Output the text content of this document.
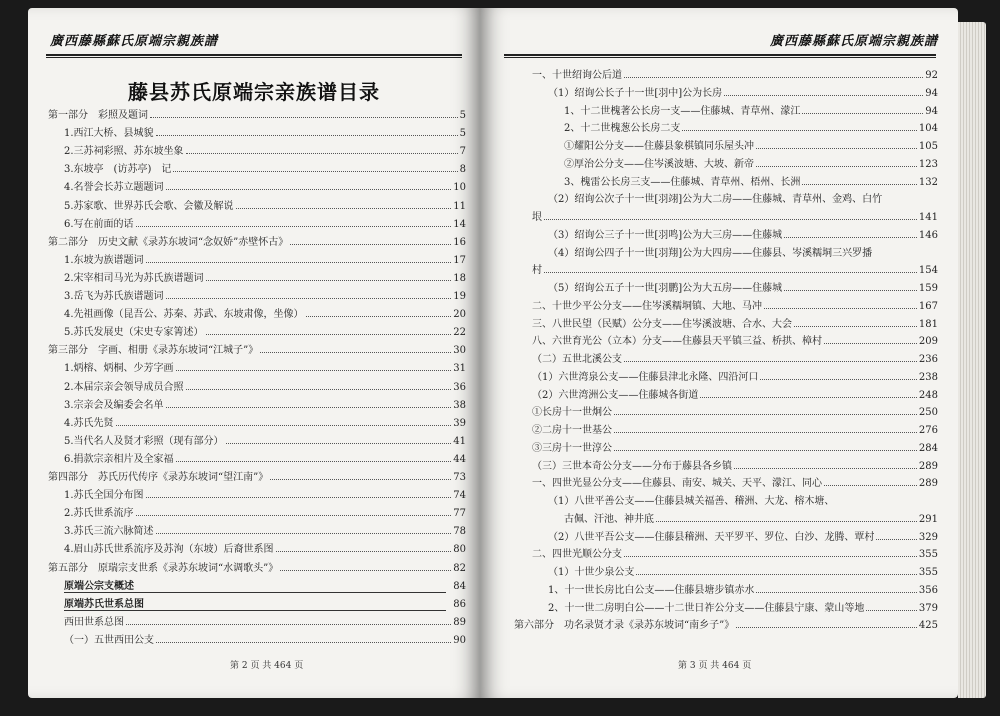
廣西藤縣蘇氏原端宗親族譜
藤县苏氏原端宗亲族谱目录
第一部分　彩照及题词	5
1.西江大桥、县城貌	5
2.三苏祠彩照、苏东坡坐象	7
3.东坡亭　(访苏亭)　记	8
4.名誉会长苏立题题词	10
5.苏家歌、世界苏氏会歌、会徽及解说	11
6.写在前面的话	14
第二部分　历史文献《录苏东坡词“念奴娇”赤壁怀古》	16
1.东坡为族谱题词	17
2.宋宰相司马光为苏氏族谱题词	18
3.岳飞为苏氏族谱题词	19
4.先祖画像（昆吾公、苏秦、苏武、东坡肃像，坐像）	20
5.苏氏发展史（宋史专家箐述）	22
第三部分　字画、相册《录苏东坡词“江城子”》	30
1.炳榕、炳桐、少芳字画	31
2.本届宗亲会领导成员合照	36
3.宗亲会及编委会名单	38
4.苏氏先贤	39
5.当代名人及贤才彩照（现有部分）	41
6.捐款宗亲相片及全家福	44
第四部分　苏氏历代传序《录苏东坡词“望江南”》	73
1.苏氏全国分布图	74
2.苏氏世系流序	77
3.苏氏三流六脉简述	78
4.眉山苏氏世系流序及苏洵（东坡）后裔世系图	80
第五部分　原瑞宗支世系《录苏东坡词“水调歌头”》	82
原端公宗支概述	84
原端苏氏世系总图	86
西田世系总图	89
（一）五世西田公支	90
第 2 页 共 464 页
廣西藤縣蘇氏原端宗親族譜
一、十世绍询公后道	92
（1）绍询公长子十一世[羽中]公为长房	94
1、十二世槐著公长房一支——住藤城、青草州、濛江	94
2、十二世槐葱公长房二支	104
①耀阳公分支——住藤县象棋镇同乐屋头冲	105
②厚治公分支——住岑溪波塘、大坡、新帝	123
3、槐雷公长房三支——住藤城、青草州、梧州、长洲	132
（2）绍询公次子十一世[羽翊]公为大二房——住藤城、青草州、金鸡、白竹
垠	141
（3）绍询公三子十一世[羽鸣]公为大三房——住藤城	146
（4）绍询公四子十一世[羽翔]公为大四房——住藤县、岑溪糯垌三兴罗播
村	154
（5）绍询公五子十一世[羽鹏]公为大五房——住藤城	159
二、十世少平公分支——住岑溪糯垌镇、大地、马冲	167
三、八世民望（民赋）公分支——住岑溪波塘、合水、大会	181
八、六世育光公（立本）分支——住藤县天平镇三益、桥拱、樟村	209
（二）五世北溪公支	236
（1）六世湾泉公支——住藤县津北永隆、四沿河口	238
（2）六世湾洲公支——住藤城各街道	248
①长房十一世炯公	250
②二房十一世基公	276
③三房十一世淳公	284
（三）三世本奇公分支——分布于藤县各乡镇	289
一、四世光显公分支——住藤县、南安、城关、天平、濛江、同心	289
（1）八世平善公支——住藤县城关福善、稽洲、大龙、榕木塘、
古佩、汗池、神井底	291
（2）八世平吾公支——住藤县稽洲、天平罗平、罗位、白沙、龙腾、覃村	329
二、四世光顺公分支	355
（1）十世少泉公支	355
1、十一世长房比白公支——住藤县塘步镇赤水	356
2、十一世二房明白公——十二世日祚公分支——住藤县宁康、蒙山等地	379
第六部分　功名录贤才录《录苏东坡词“南乡子”》	425
第 3 页 共 464 页
